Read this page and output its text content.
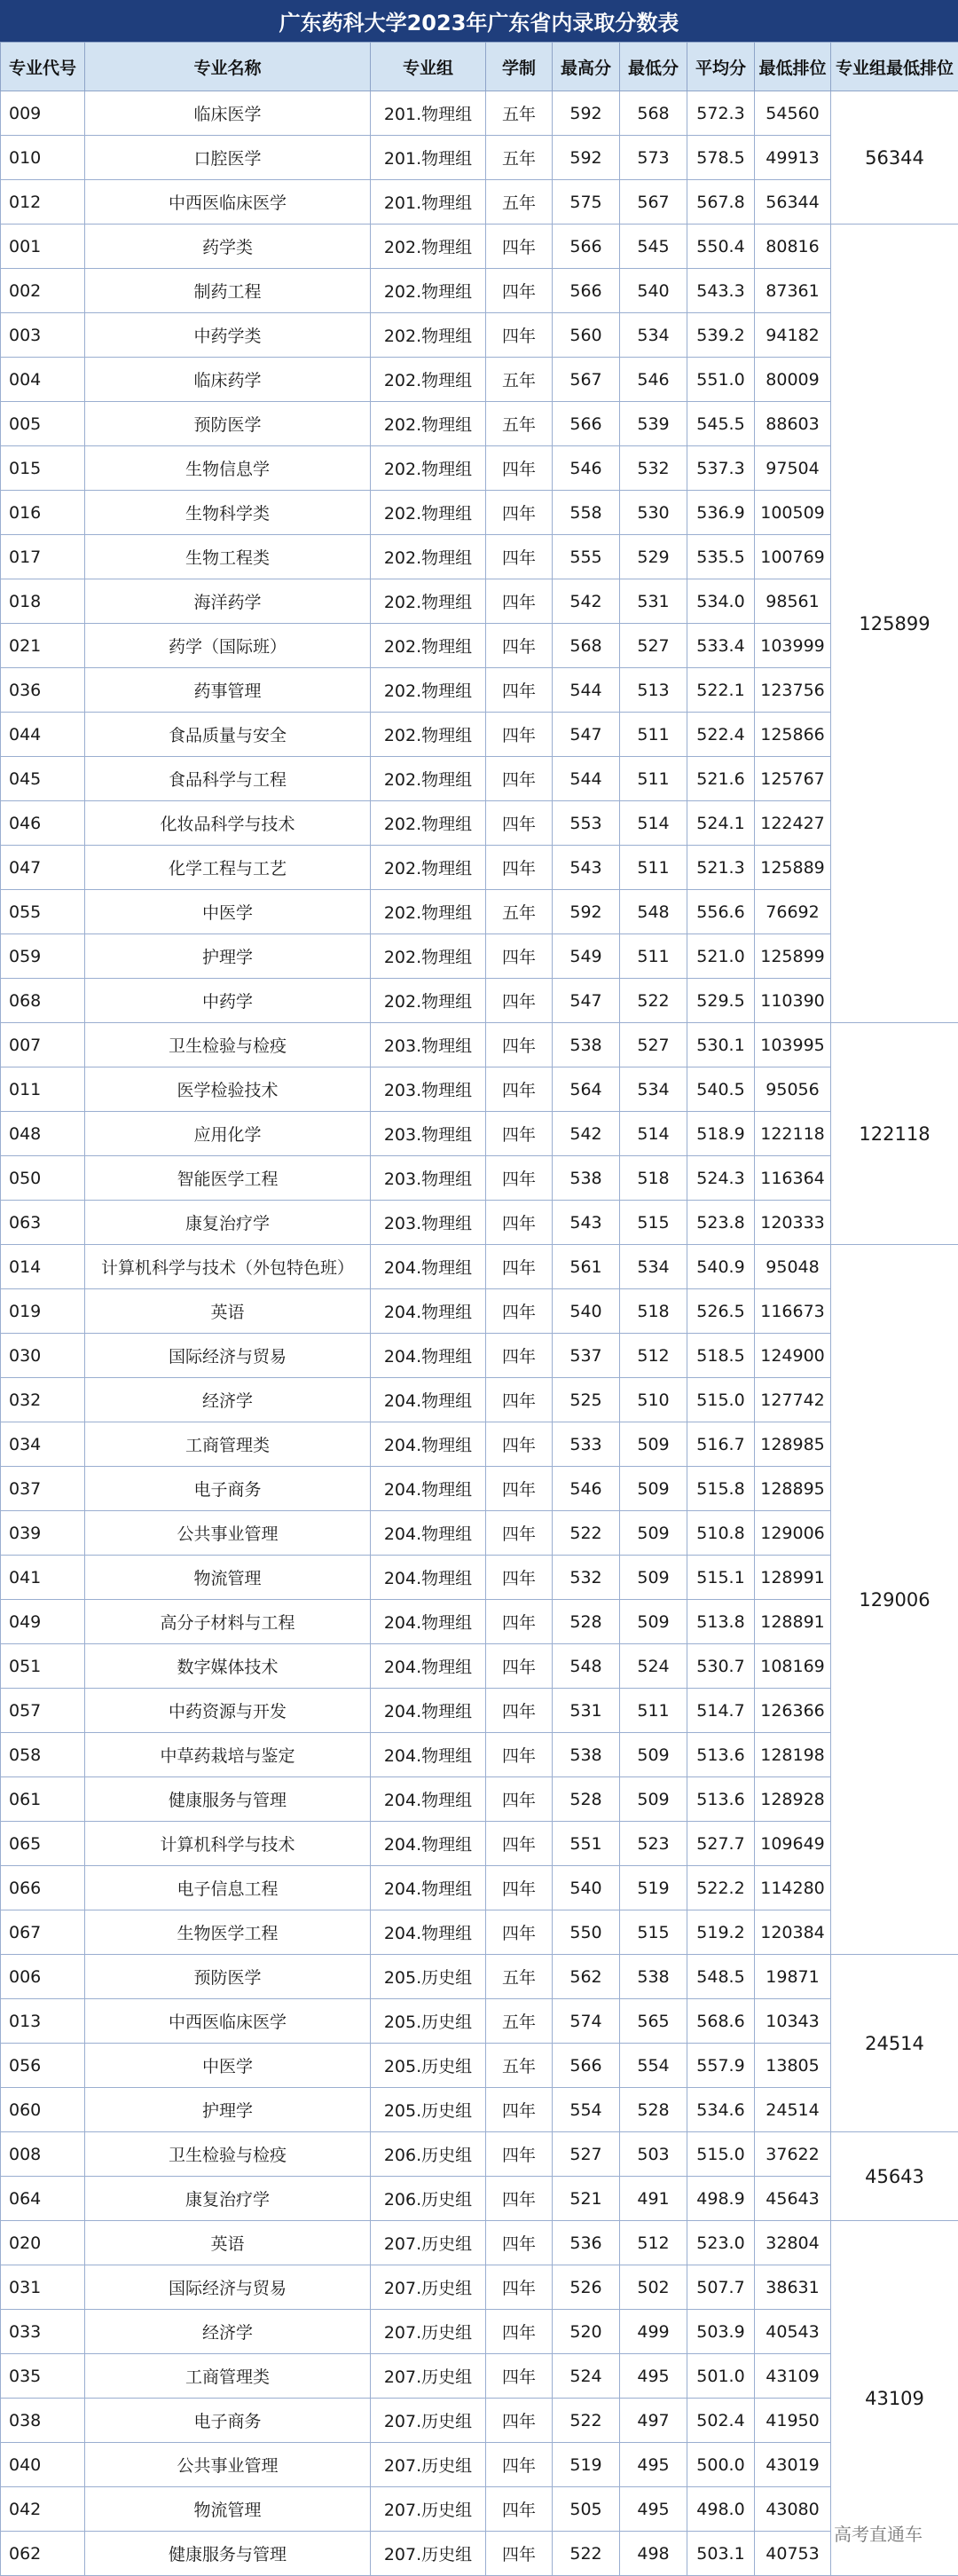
广东药科大学2023年广东省内录取分数表
专业代号	专业名称	专业组	学制	最高分	最低分	平均分	最低排位	专业组最低排位
009	临床医学	201.物理组	五年	592	568	572.3	54560	56344
010	口腔医学	201.物理组	五年	592	573	578.5	49913	
012	中西医临床医学	201.物理组	五年	575	567	567.8	56344	
001	药学类	202.物理组	四年	566	545	550.4	80816	125899
002	制药工程	202.物理组	四年	566	540	543.3	87361	
003	中药学类	202.物理组	四年	560	534	539.2	94182	
004	临床药学	202.物理组	五年	567	546	551.0	80009	
005	预防医学	202.物理组	五年	566	539	545.5	88603	
015	生物信息学	202.物理组	四年	546	532	537.3	97504	
016	生物科学类	202.物理组	四年	558	530	536.9	100509	
017	生物工程类	202.物理组	四年	555	529	535.5	100769	
018	海洋药学	202.物理组	四年	542	531	534.0	98561	
021	药学（国际班）	202.物理组	四年	568	527	533.4	103999	
036	药事管理	202.物理组	四年	544	513	522.1	123756	
044	食品质量与安全	202.物理组	四年	547	511	522.4	125866	
045	食品科学与工程	202.物理组	四年	544	511	521.6	125767	
046	化妆品科学与技术	202.物理组	四年	553	514	524.1	122427	
047	化学工程与工艺	202.物理组	四年	543	511	521.3	125889	
055	中医学	202.物理组	五年	592	548	556.6	76692	
059	护理学	202.物理组	四年	549	511	521.0	125899	
068	中药学	202.物理组	四年	547	522	529.5	110390	
007	卫生检验与检疫	203.物理组	四年	538	527	530.1	103995	122118
011	医学检验技术	203.物理组	四年	564	534	540.5	95056	
048	应用化学	203.物理组	四年	542	514	518.9	122118	
050	智能医学工程	203.物理组	四年	538	518	524.3	116364	
063	康复治疗学	203.物理组	四年	543	515	523.8	120333	
014	计算机科学与技术（外包特色班）	204.物理组	四年	561	534	540.9	95048	129006
019	英语	204.物理组	四年	540	518	526.5	116673	
030	国际经济与贸易	204.物理组	四年	537	512	518.5	124900	
032	经济学	204.物理组	四年	525	510	515.0	127742	
034	工商管理类	204.物理组	四年	533	509	516.7	128985	
037	电子商务	204.物理组	四年	546	509	515.8	128895	
039	公共事业管理	204.物理组	四年	522	509	510.8	129006	
041	物流管理	204.物理组	四年	532	509	515.1	128991	
049	高分子材料与工程	204.物理组	四年	528	509	513.8	128891	
051	数字媒体技术	204.物理组	四年	548	524	530.7	108169	
057	中药资源与开发	204.物理组	四年	531	511	514.7	126366	
058	中草药栽培与鉴定	204.物理组	四年	538	509	513.6	128198	
061	健康服务与管理	204.物理组	四年	528	509	513.6	128928	
065	计算机科学与技术	204.物理组	四年	551	523	527.7	109649	
066	电子信息工程	204.物理组	四年	540	519	522.2	114280	
067	生物医学工程	204.物理组	四年	550	515	519.2	120384	
006	预防医学	205.历史组	五年	562	538	548.5	19871	24514
013	中西医临床医学	205.历史组	五年	574	565	568.6	10343	
056	中医学	205.历史组	五年	566	554	557.9	13805	
060	护理学	205.历史组	四年	554	528	534.6	24514	
008	卫生检验与检疫	206.历史组	四年	527	503	515.0	37622	45643
064	康复治疗学	206.历史组	四年	521	491	498.9	45643	
020	英语	207.历史组	四年	536	512	523.0	32804	43109
031	国际经济与贸易	207.历史组	四年	526	502	507.7	38631	
033	经济学	207.历史组	四年	520	499	503.9	40543	
035	工商管理类	207.历史组	四年	524	495	501.0	43109	
038	电子商务	207.历史组	四年	522	497	502.4	41950	
040	公共事业管理	207.历史组	四年	519	495	500.0	43019	
042	物流管理	207.历史组	四年	505	495	498.0	43080	
062	健康服务与管理	207.历史组	四年	522	498	503.1	40753	
高考直通车
